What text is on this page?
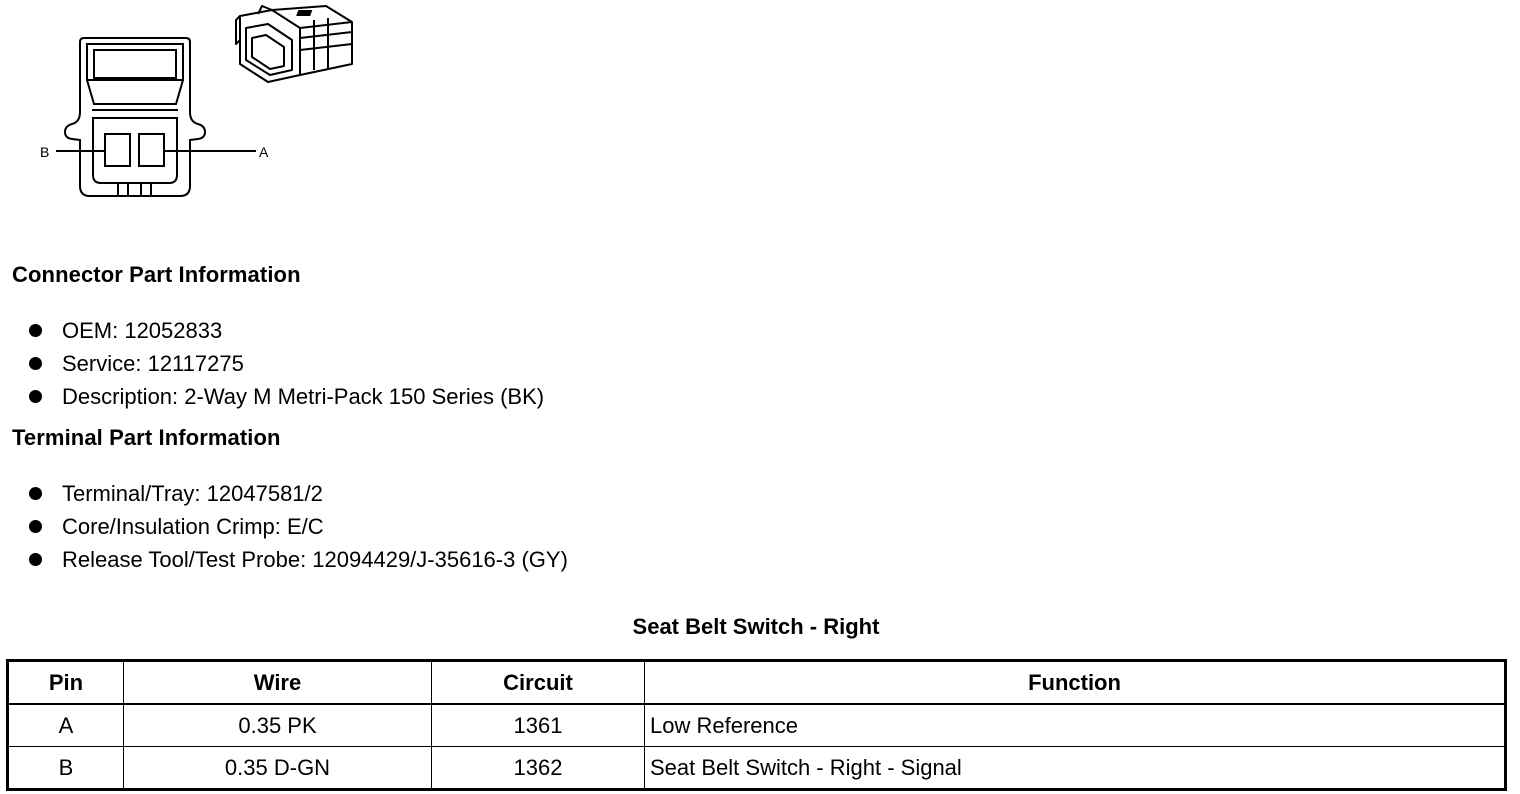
B	A
Connector Part Information
OEM: 12052833
Service: 12117275
Description: 2-Way M Metri-Pack 150 Series (BK)
Terminal Part Information
Terminal/Tray: 12047581/2
Core/Insulation Crimp: E/C
Release Tool/Test Probe: 12094429/J-35616-3 (GY)
Seat Belt Switch - Right
Pin	Wire	Circuit	Function
A	0.35 PK	1361	Low Reference
B	0.35 D-GN	1362	Seat Belt Switch - Right - Signal
